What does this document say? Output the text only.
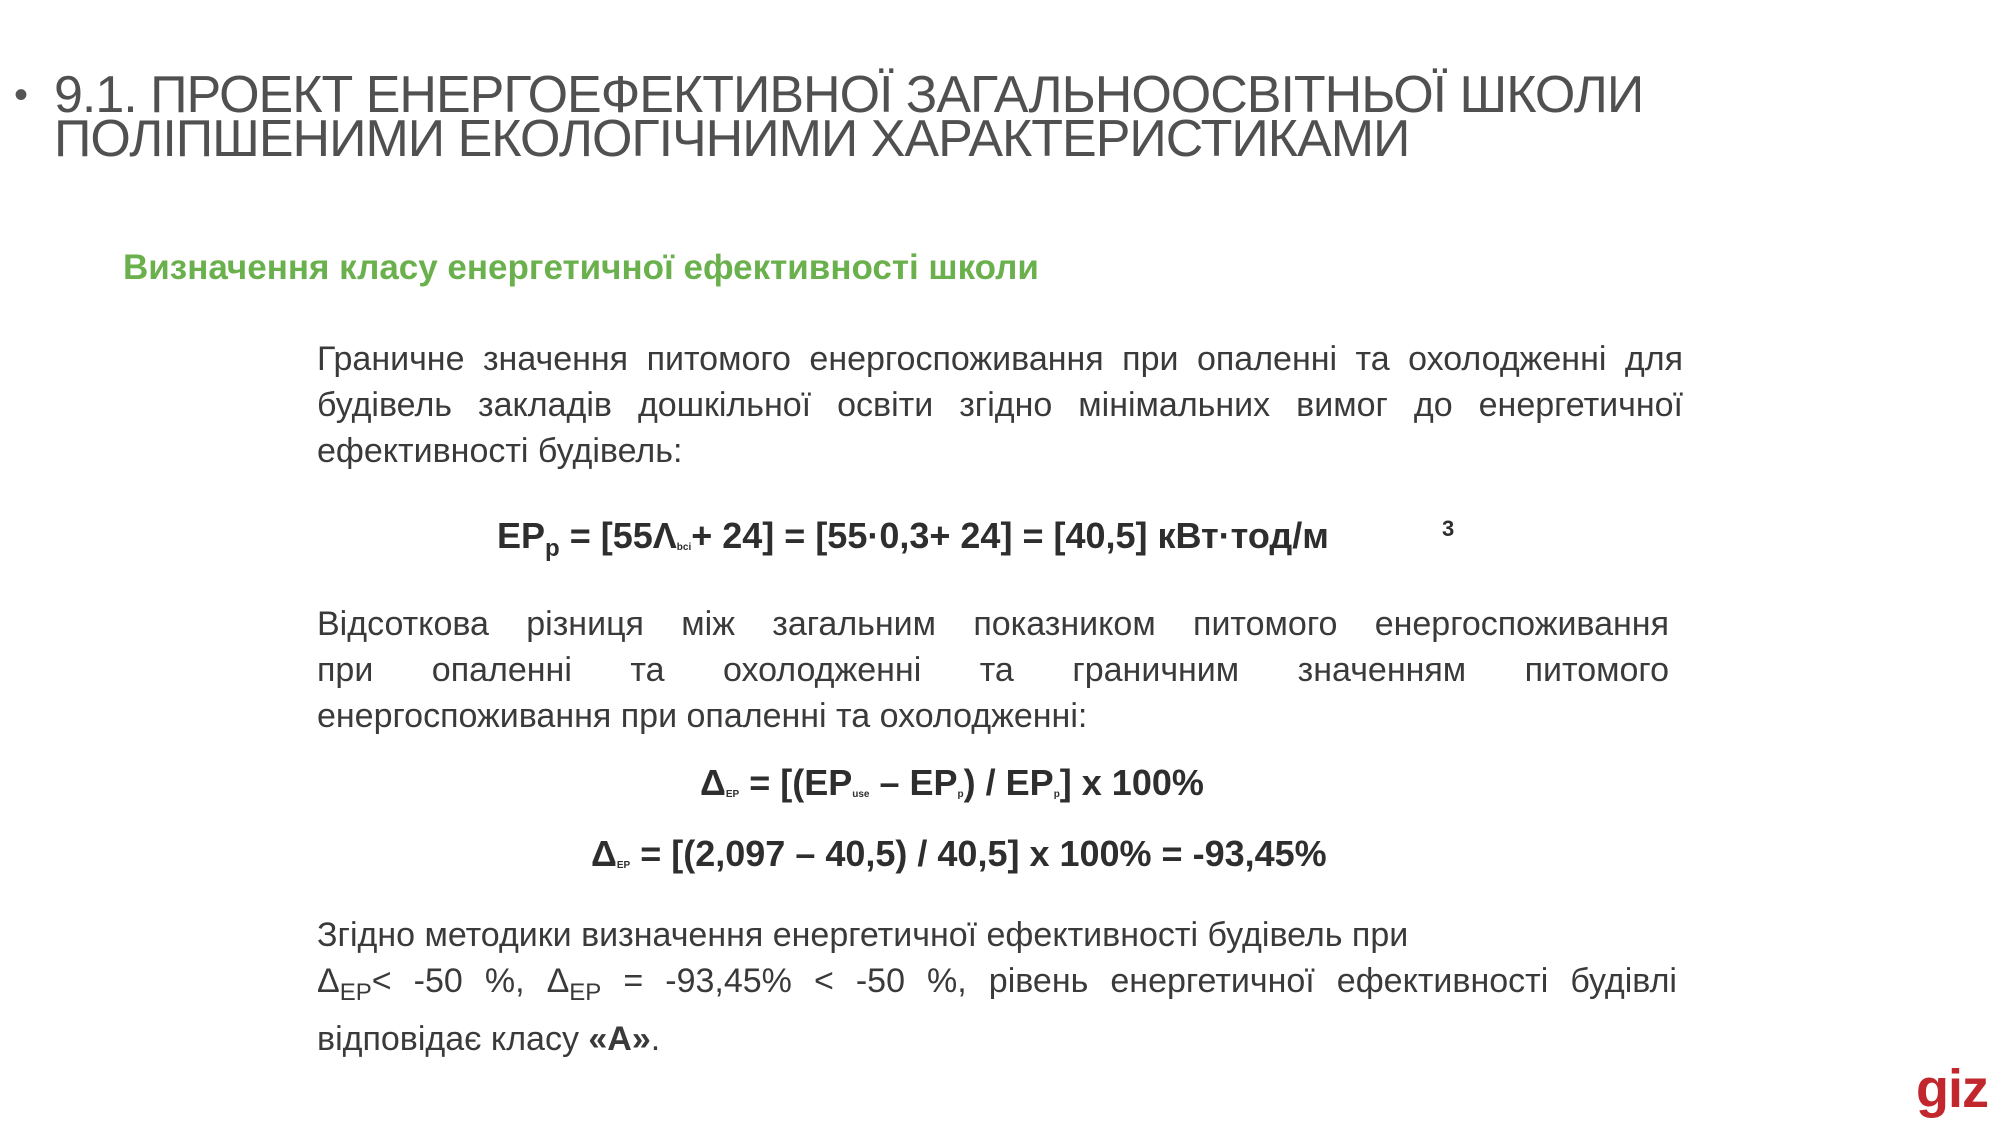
• 9.1. ПРОЕКТ ЕНЕРГОЕФЕКТИВНОЇ ЗАГАЛЬНООСВІТНЬОЇ ШКОЛИ
ПОЛІПШЕНИМИ ЕКОЛОГІЧНИМИ ХАРАКТЕРИСТИКАМИ
Визначення класу енергетичної ефективності школи
Граничне значення питомого енергоспоживання при опаленні та охолодженні для
будівель закладів дошкільної освіти згідно мінімальних вимог до енергетичної
ефективності будівель:
$EP_p = [55\Lambda_{bci}+ 24] = [55\cdot 0,3+ 24] = [40,5]$ кВт·тод/м	3
Відсоткова різниця між загальним показником питомого енергоспоживання
при опаленні та охолодженні та граничним значенням питомого
енергоспоживання при опаленні та охолодженні:
$\Delta_{EP} = [(EP_{use} - EP_p) / EP_p]$ х 100%
$\Delta_{EP} = [(2,097 - 40,5) / 40,5]$ х 100% = -93,45%
Згідно методики визначення енергетичної ефективності будівель при
$\Delta_{EP}< -50$ %, $\Delta_{EP} = -93,45\% < -50$ %, рівень енергетичної ефективності будівлі
відповідає класу «А».
giz
